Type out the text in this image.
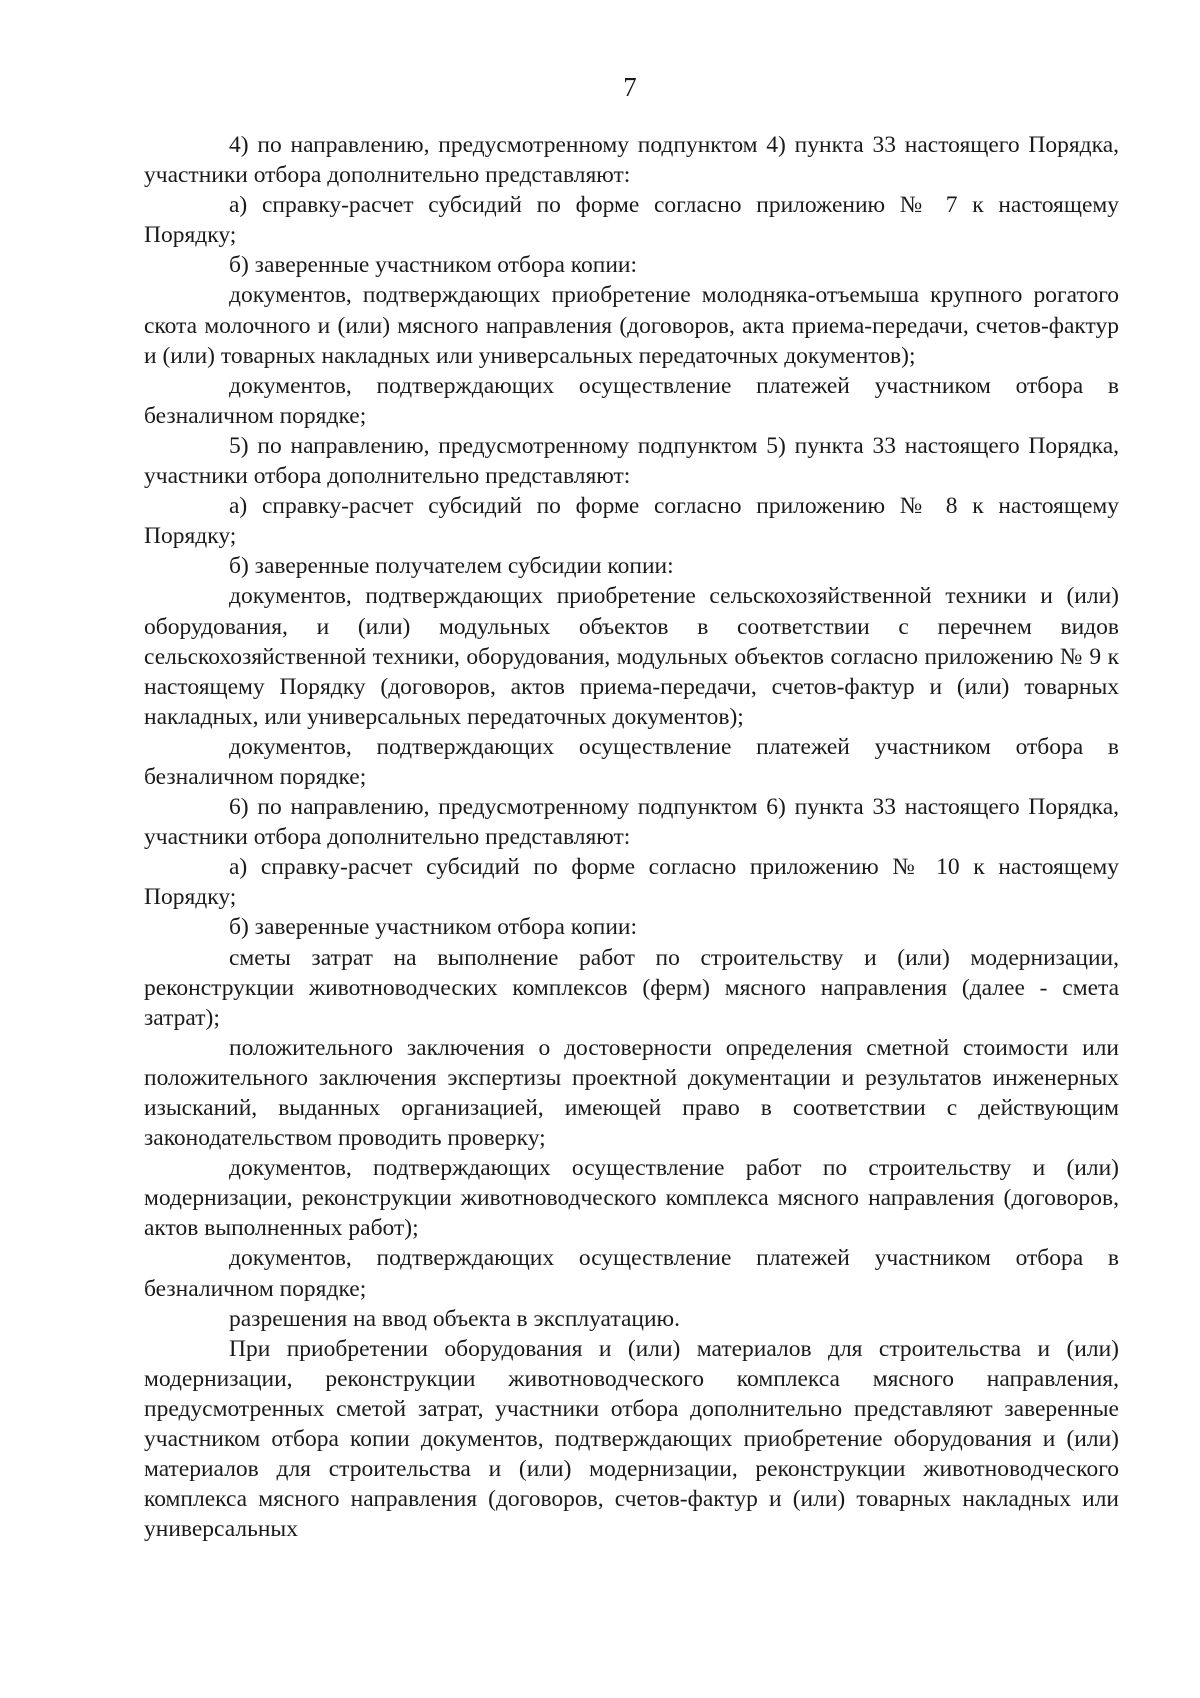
7

4) по направлению, предусмотренному подпунктом 4) пункта 33 настоящего Порядка, участники отбора дополнительно представляют:

а) справку-расчет субсидий по форме согласно приложению № 7 к настоящему Порядку;

б) заверенные участником отбора копии:

документов, подтверждающих приобретение молодняка-отъемыша крупного рогатого скота молочного и (или) мясного направления (договоров, акта приема-передачи, счетов-фактур и (или) товарных накладных или универсальных передаточных документов);

документов, подтверждающих осуществление платежей участником отбора в безналичном порядке;

5) по направлению, предусмотренному подпунктом 5) пункта 33 настоящего Порядка, участники отбора дополнительно представляют:

а) справку-расчет субсидий по форме согласно приложению № 8 к настоящему Порядку;

б) заверенные получателем субсидии копии:

документов, подтверждающих приобретение сельскохозяйственной техники и (или) оборудования, и (или) модульных объектов в соответствии с перечнем видов сельскохозяйственной техники, оборудования, модульных объектов согласно приложению № 9 к настоящему Порядку (договоров, актов приема-передачи, счетов-фактур и (или) товарных накладных, или универсальных передаточных документов);

документов, подтверждающих осуществление платежей участником отбора в безналичном порядке;

6) по направлению, предусмотренному подпунктом 6) пункта 33 настоящего Порядка, участники отбора дополнительно представляют:

а) справку-расчет субсидий по форме согласно приложению № 10 к настоящему Порядку;

б) заверенные участником отбора копии:

сметы затрат на выполнение работ по строительству и (или) модернизации, реконструкции животноводческих комплексов (ферм) мясного направления (далее - смета затрат);

положительного заключения о достоверности определения сметной стоимости или положительного заключения экспертизы проектной документации и результатов инженерных изысканий, выданных организацией, имеющей право в соответствии с действующим законодательством проводить проверку;

документов, подтверждающих осуществление работ по строительству и (или) модернизации, реконструкции животноводческого комплекса мясного направления (договоров, актов выполненных работ);

документов, подтверждающих осуществление платежей участником отбора в безналичном порядке;

разрешения на ввод объекта в эксплуатацию.

При приобретении оборудования и (или) материалов для строительства и (или) модернизации, реконструкции животноводческого комплекса мясного направления, предусмотренных сметой затрат, участники отбора дополнительно представляют заверенные участником отбора копии документов, подтверждающих приобретение оборудования и (или) материалов для строительства и (или) модернизации, реконструкции животноводческого комплекса мясного направления (договоров, счетов-фактур и (или) товарных накладных или универсальных
